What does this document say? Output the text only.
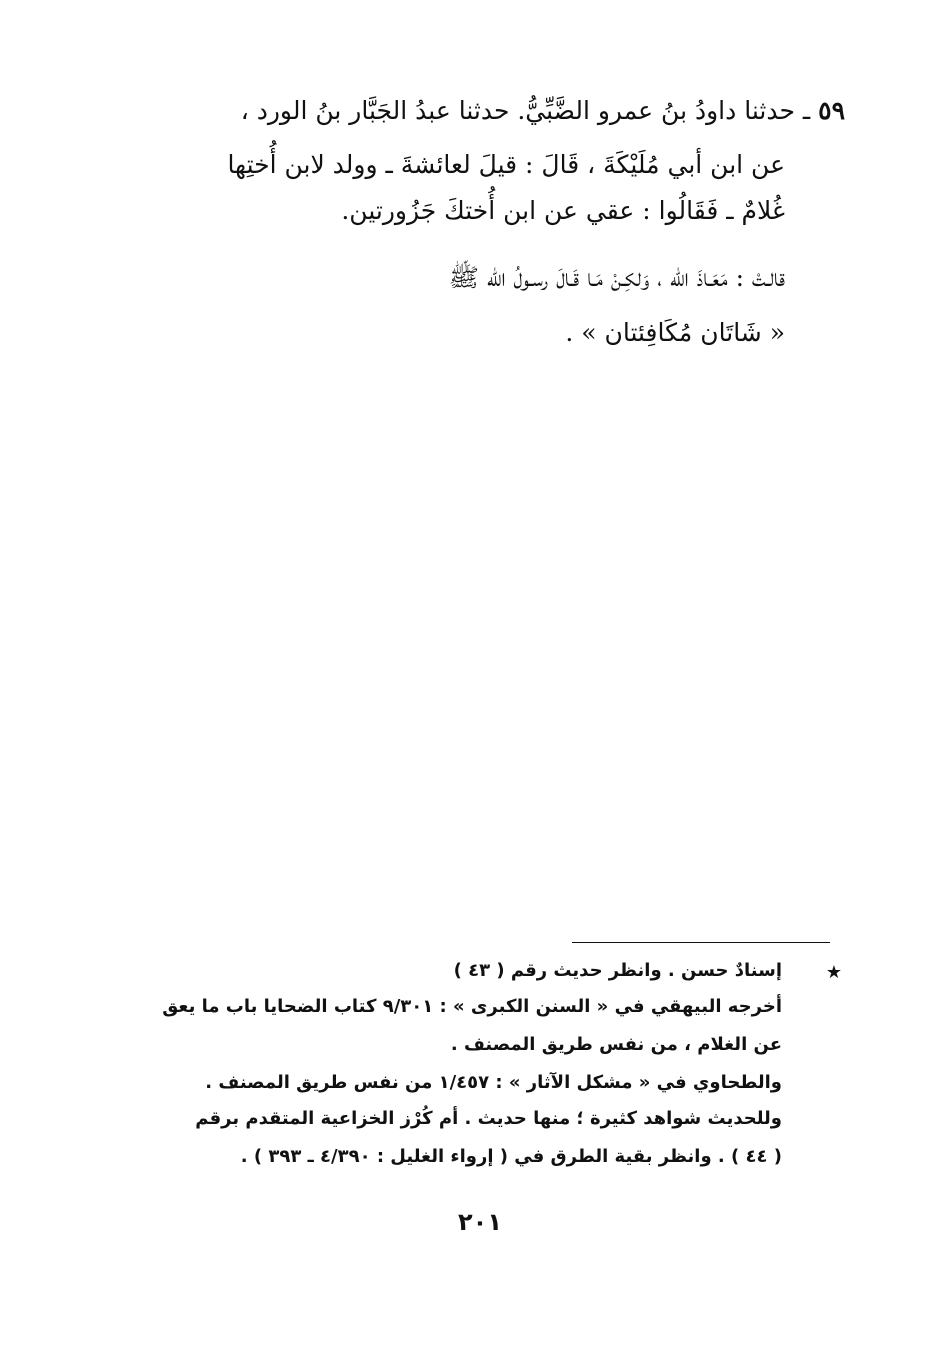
٥٩ ـ حدثنا داودُ بنُ عمرو الضَّبِّيُّ. حدثنا عبدُ الجَبَّار بنُ الورد ،
عن ابن أبي مُلَيْكَةَ ، قَالَ : قيلَ لعائشةَ ـ وولد لابن أُختِها
غُلامٌ ـ فَقَالُوا : عقي عن ابن أُختكَ جَزُورتين.
قالـتْ : مَعَـاذَ الله ، وَلكِـنْ مَـا قَـالَ رسـولُ الله ﷺ
« شَاتَان مُكَافِئتان » .
★
إسنادٌ حسن . وانظر حديث رقم ( ٤٣ )
أخرجه البيهقي في « السنن الكبرى » : ٩/٣٠١ كتاب الضحايا باب ما يعق
عن الغلام ، من نفس طريق المصنف .
والطحاوي في « مشكل الآثار » : ١/٤٥٧ من نفس طريق المصنف .
وللحديث شواهد كثيرة ؛ منها حديث . أم كُرْز الخزاعية المتقدم برقم
( ٤٤ ) . وانظر بقية الطرق في ( إرواء الغليل : ٤/٣٩٠ ـ ٣٩٣ ) .
٢٠١
